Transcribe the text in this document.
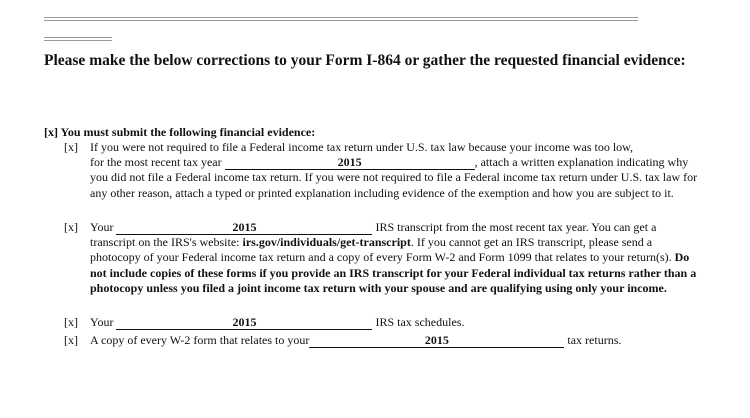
Please make the below corrections to your Form I-864 or gather the requested financial evidence:
[x] You must submit the following financial evidence:
[x] If you were not required to file a Federal income tax return under U.S. tax law because your income was too low,
for the most recent tax year	2015	, attach a written explanation indicating why you did not file a Federal income tax return. If you were not required to file a Federal income tax return under U.S. tax law for any other reason, attach a typed or printed explanation including evidence of the exemption and how you are subject to it.
[x] Your	2015	IRS transcript from the most recent tax year. You can get a transcript on the IRS's website: irs.gov/individuals/get-transcript. If you cannot get an IRS transcript, please send a photocopy of your Federal income tax return and a copy of every Form W-2 and Form 1099 that relates to your return(s). Do not include copies of these forms if you provide an IRS transcript for your Federal individual tax returns rather than a photocopy unless you filed a joint income tax return with your spouse and are qualifying using only your income.
[x] Your	2015	IRS tax schedules.
[x] A copy of every W-2 form that relates to your	2015	tax returns.
